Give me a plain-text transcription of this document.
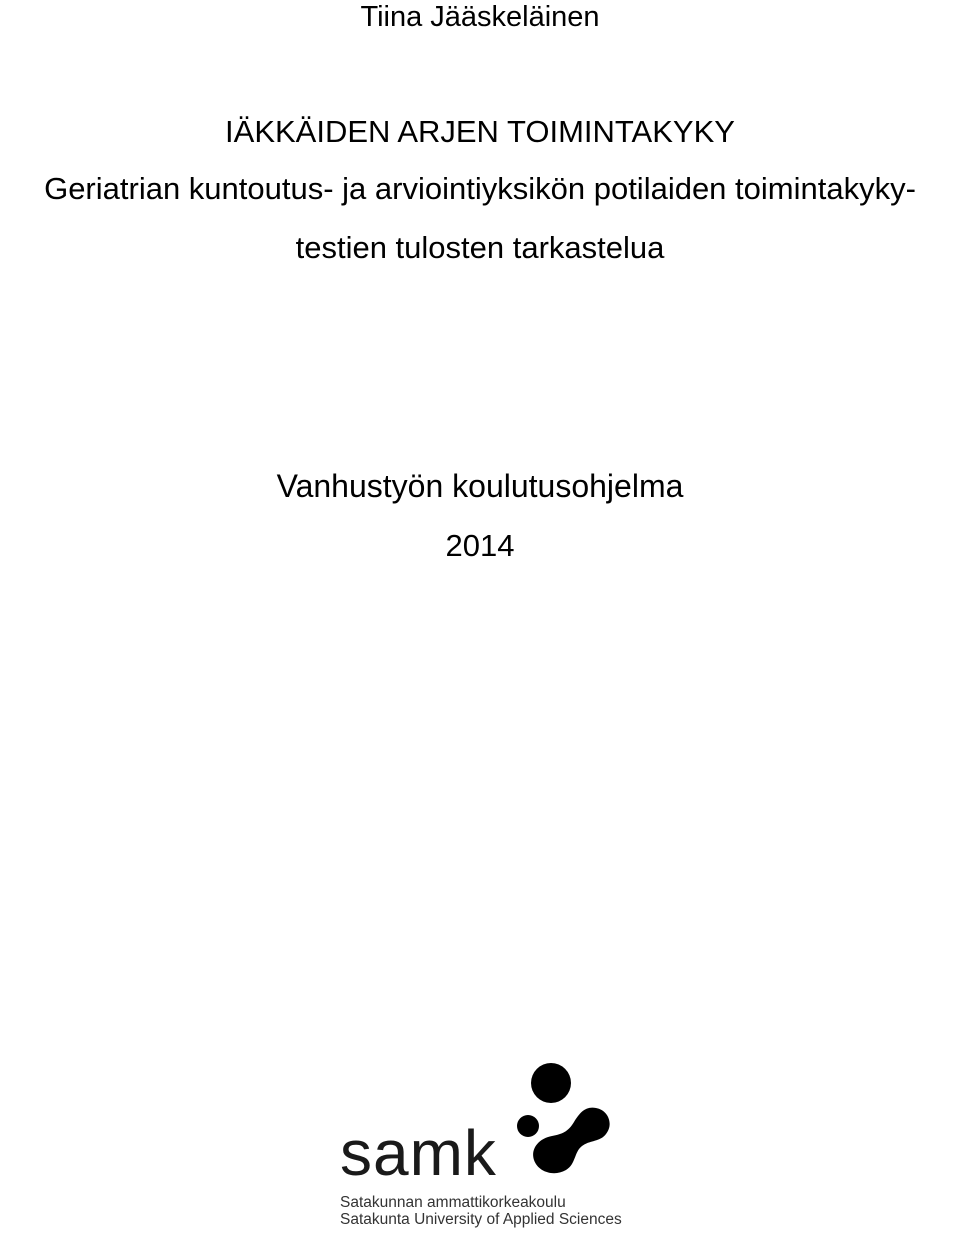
Tiina Jääskeläinen
IÄKKÄIDEN ARJEN TOIMINTAKYKY
Geriatrian kuntoutus- ja arviointiyksikön potilaiden toimintakyky-
testien tulosten tarkastelua
Vanhustyön koulutusohjelma
2014
samk
Satakunnan ammattikorkeakoulu
Satakunta University of Applied Sciences
